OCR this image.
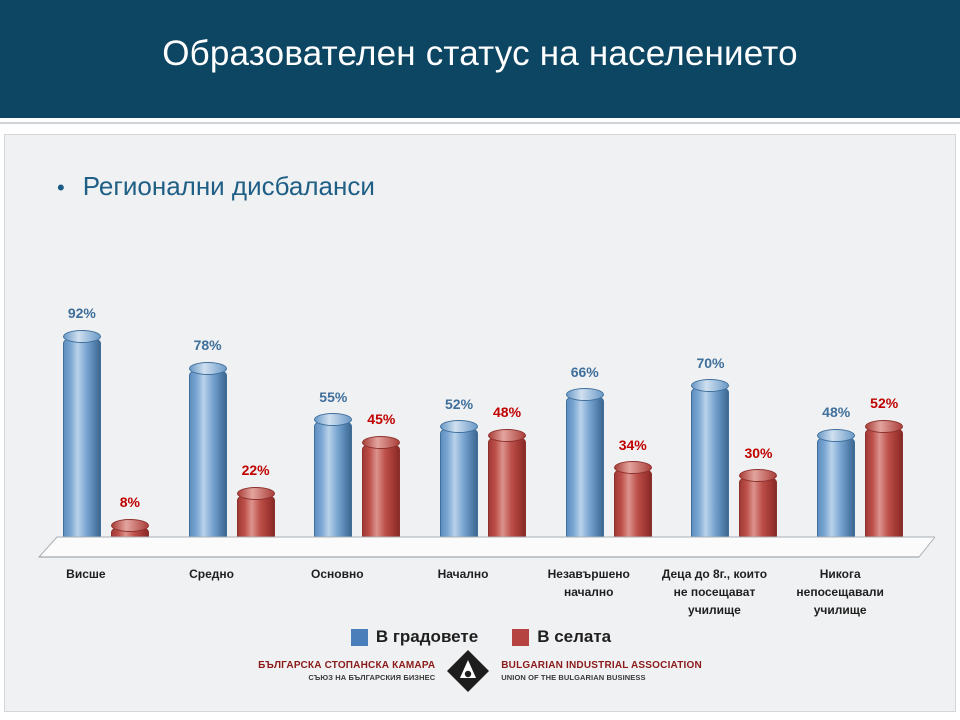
Образователен статус на населението
• Регионални дисбаланси
92%
8%
78%
22%
55%
45%
52%	48%
66%
34%
70%
30%
48%
52%
Висше	Средно	Основно	Начално	Незавършено начално
Деца до 8г., които не посещават училище
Никога непосещавали училище
В градовете	В селата
БЪЛГАРСКА СТОПАНСКА КАМАРА
СЪЮЗ НА БЪЛГАРСКИЯ БИЗНЕС
BULGARIAN INDUSTRIAL ASSOCIATION
UNION OF THE BULGARIAN BUSINESS
